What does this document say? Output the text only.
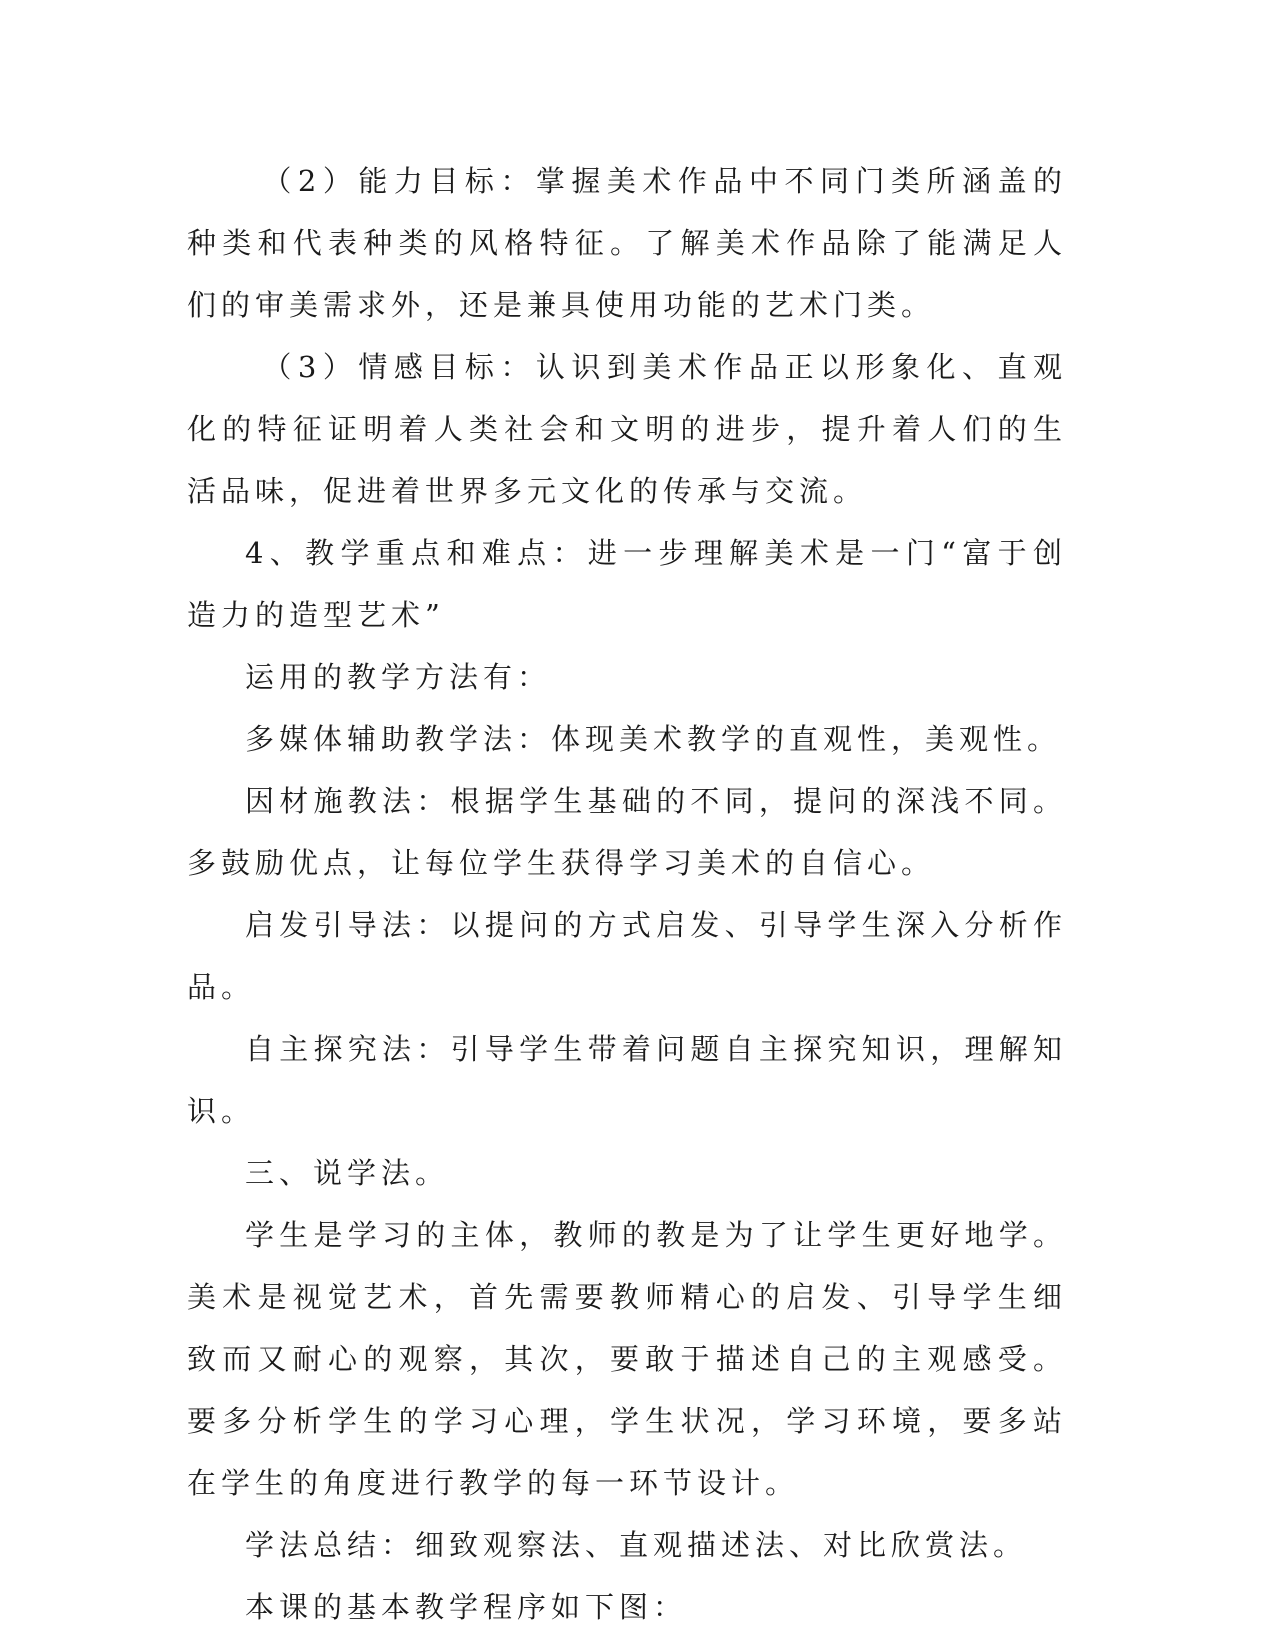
（2）能力目标：掌握美术作品中不同门类所涵盖的种类和代表种类的风格特征。了解美术作品除了能满足人们的审美需求外，还是兼具使用功能的艺术门类。

（3）情感目标：认识到美术作品正以形象化、直观化的特征证明着人类社会和文明的进步，提升着人们的生活品味，促进着世界多元文化的传承与交流。

4、教学重点和难点：进一步理解美术是一门“富于创造力的造型艺术”

运用的教学方法有：

多媒体辅助教学法：体现美术教学的直观性，美观性。

因材施教法：根据学生基础的不同，提问的深浅不同。多鼓励优点，让每位学生获得学习美术的自信心。

启发引导法：以提问的方式启发、引导学生深入分析作品。

自主探究法：引导学生带着问题自主探究知识，理解知识。

三、说学法。

学生是学习的主体，教师的教是为了让学生更好地学。美术是视觉艺术，首先需要教师精心的启发、引导学生细致而又耐心的观察，其次，要敢于描述自己的主观感受。要多分析学生的学习心理，学生状况，学习环境，要多站在学生的角度进行教学的每一环节设计。

学法总结：细致观察法、直观描述法、对比欣赏法。

本课的基本教学程序如下图：
